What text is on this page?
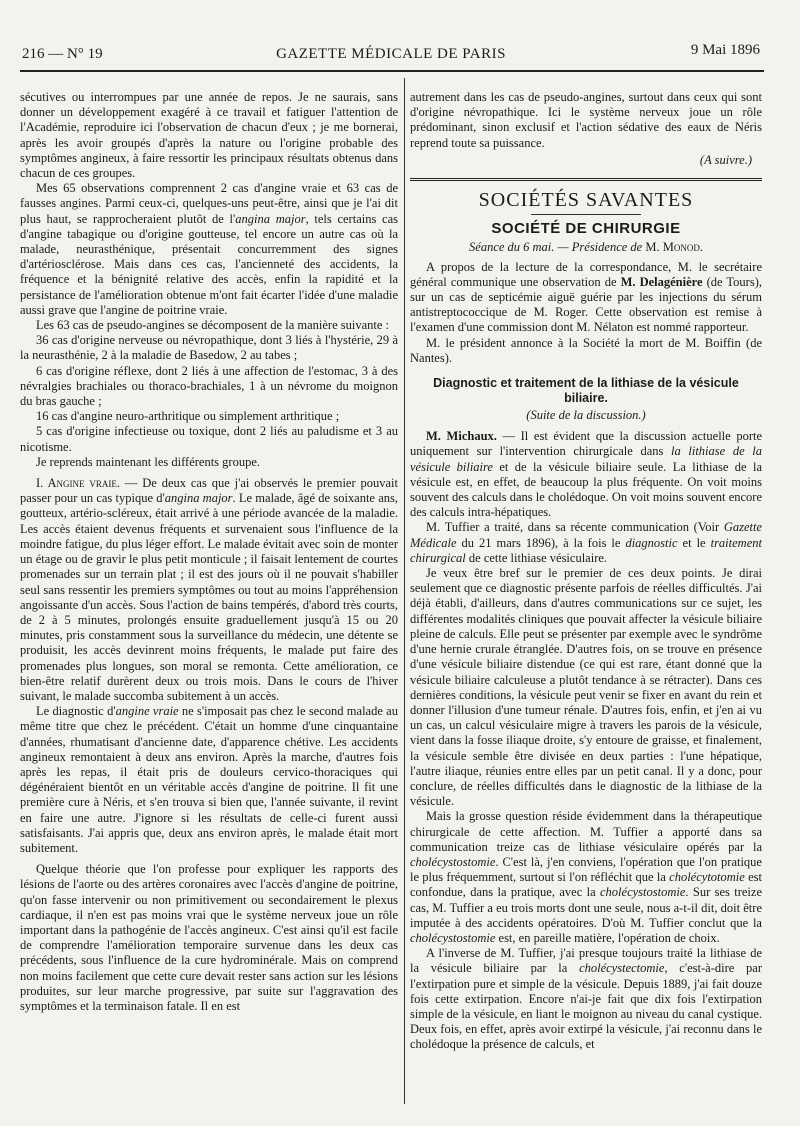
216 — N° 19	GAZETTE MÉDICALE DE PARIS	9 Mai 1896

sécutives ou interrompues par une année de repos. Je ne saurais, sans donner un développement exagéré à ce travail et fatiguer l'attention de l'Académie, reproduire ici l'observation de chacun d'eux ; je me bornerai, après les avoir groupés d'après la nature ou l'origine probable des symptômes angineux, à faire ressortir les principaux résultats obtenus dans chacun de ces groupes.

Mes 65 observations comprennent 2 cas d'angine vraie et 63 cas de fausses angines. Parmi ceux-ci, quelques-uns peut-être, ainsi que je l'ai dit plus haut, se rapprocheraient plutôt de l'angina major, tels certains cas d'angine tabagique ou d'origine goutteuse, tel encore un autre cas où la malade, neurasthénique, présentait concurremment des signes d'artériosclérose. Mais dans ces cas, l'ancienneté des accidents, la fréquence et la bénignité relative des accès, enfin la rapidité et la persistance de l'amélioration obtenue m'ont fait écarter l'idée d'une maladie aussi grave que l'angine de poitrine vraie.

Les 63 cas de pseudo-angines se décomposent de la manière suivante :

36 cas d'origine nerveuse ou névropathique, dont 3 liés à l'hystérie, 29 à la neurasthénie, 2 à la maladie de Basedow, 2 au tabes ;

6 cas d'origine réflexe, dont 2 liés à une affection de l'estomac, 3 à des névralgies brachiales ou thoraco-brachiales, 1 à un névrome du moignon du bras gauche ;

16 cas d'angine neuro-arthritique ou simplement arthritique ;

5 cas d'origine infectieuse ou toxique, dont 2 liés au paludisme et 3 au nicotisme.

Je reprends maintenant les différents groupe.

I. Angine vraie. — De deux cas que j'ai observés le premier pouvait passer pour un cas typique d'angina major. Le malade, âgé de soixante ans, goutteux, artério-scléreux, était arrivé à une période avancée de la maladie. Les accès étaient devenus fréquents et survenaient sous l'influence de la moindre fatigue, du plus léger effort. Le malade évitait avec soin de monter un étage ou de gravir le plus petit monticule ; il faisait lentement de courtes promenades sur un terrain plat ; il est des jours où il ne pouvait s'habiller seul sans ressentir les premiers symptômes ou tout au moins l'appréhension angoissante d'un accès. Sous l'action de bains tempérés, d'abord très courts, de 2 à 5 minutes, prolongés ensuite graduellement jusqu'à 15 ou 20 minutes, pris constamment sous la surveillance du médecin, une détente se produisit, les accès devinrent moins fréquents, le malade put faire des promenades plus longues, son moral se remonta. Cette amélioration, ce bien-être relatif durèrent deux ou trois mois. Dans le cours de l'hiver suivant, le malade succomba subitement à un accès.

Le diagnostic d'angine vraie ne s'imposait pas chez le second malade au même titre que chez le précédent. C'était un homme d'une cinquantaine d'années, rhumatisant d'ancienne date, d'apparence chétive. Les accidents angineux remontaient à deux ans environ. Après la marche, d'autres fois après les repas, il était pris de douleurs cervico-thoraciques qui dégénéraient bientôt en un véritable accès d'angine de poitrine. Il fit une première cure à Néris, et s'en trouva si bien que, l'année suivante, il revint en faire une autre. J'ignore si les résultats de celle-ci furent aussi satisfaisants. J'ai appris que, deux ans environ après, le malade était mort subitement.

Quelque théorie que l'on professe pour expliquer les rapports des lésions de l'aorte ou des artères coronaires avec l'accès d'angine de poitrine, qu'on fasse intervenir ou non primitivement ou secondairement le plexus cardiaque, il n'en est pas moins vrai que le système nerveux joue un rôle important dans la pathogénie de l'accès angineux. C'est ainsi qu'il est facile de comprendre l'amélioration temporaire survenue dans les deux cas précédents, sous l'influence de la cure hydrominérale. Mais on comprend non moins facilement que cette cure devait rester sans action sur les lésions produites, sur leur marche progressive, par suite sur l'aggravation des symptômes et la terminaison fatale. Il en est

autrement dans les cas de pseudo-angines, surtout dans ceux qui sont d'origine névropathique. Ici le système nerveux joue un rôle prédominant, sinon exclusif et l'action sédative des eaux de Néris reprend toute sa puissance.

(A suivre.)

SOCIÉTÉS SAVANTES

SOCIÉTÉ DE CHIRURGIE

Séance du 6 mai. — Présidence de M. Monod.

A propos de la lecture de la correspondance, M. le secrétaire général communique une observation de M. Delagénière (de Tours), sur un cas de septicémie aiguë guérie par les injections du sérum antistreptococcique de M. Roger. Cette observation est remise à l'examen d'une commission dont M. Nélaton est nommé rapporteur.

M. le président annonce à la Société la mort de M. Boiffin (de Nantes).

Diagnostic et traitement de la lithiase de la vésicule biliaire.

(Suite de la discussion.)

M. Michaux. — Il est évident que la discussion actuelle porte uniquement sur l'intervention chirurgicale dans la lithiase de la vésicule biliaire et de la vésicule biliaire seule. La lithiase de la vésicule est, en effet, de beaucoup la plus fréquente. On voit moins souvent des calculs dans le cholédoque. On voit moins souvent encore des calculs intra-hépatiques.

M. Tuffier a traité, dans sa récente communication (Voir Gazette Médicale du 21 mars 1896), à la fois le diagnostic et le traitement chirurgical de cette lithiase vésiculaire.

Je veux être bref sur le premier de ces deux points. Je dirai seulement que ce diagnostic présente parfois de réelles difficultés. J'ai déjà établi, d'ailleurs, dans d'autres communications sur ce sujet, les différentes modalités cliniques que pouvait affecter la vésicule biliaire pleine de calculs. Elle peut se présenter par exemple avec le syndrôme d'une hernie crurale étranglée. D'autres fois, on se trouve en présence d'une vésicule biliaire distendue (ce qui est rare, étant donné que la vésicule biliaire calculeuse a plutôt tendance à se rétracter). Dans ces dernières conditions, la vésicule peut venir se fixer en avant du rein et donner l'illusion d'une tumeur rénale. D'autres fois, enfin, et j'en ai vu un cas, un calcul vésiculaire migre à travers les parois de la vésicule, vient dans la fosse iliaque droite, s'y entoure de graisse, et finalement, la vésicule semble être divisée en deux parties : l'une hépatique, l'autre iliaque, réunies entre elles par un petit canal. Il y a donc, pour conclure, de réelles difficultés dans le diagnostic de la lithiase de la vésicule.

Mais la grosse question réside évidemment dans la thérapeutique chirurgicale de cette affection. M. Tuffier a apporté dans sa communication treize cas de lithiase vésiculaire opérés par la cholécystostomie. C'est là, j'en conviens, l'opération que l'on pratique le plus fréquemment, surtout si l'on réfléchit que la cholécytotomie est confondue, dans la pratique, avec la cholécystostomie. Sur ses treize cas, M. Tuffier a eu trois morts dont une seule, nous a-t-il dit, doit être imputée à des accidents opératoires. D'où M. Tuffier conclut que la cholécystostomie est, en pareille matière, l'opération de choix.

A l'inverse de M. Tuffier, j'ai presque toujours traité la lithiase de la vésicule biliaire par la cholécystectomie, c'est-à-dire par l'extirpation pure et simple de la vésicule. Depuis 1889, j'ai fait douze fois cette extirpation. Encore n'ai-je fait que dix fois l'extirpation simple de la vésicule, en liant le moignon au niveau du canal cystique. Deux fois, en effet, après avoir extirpé la vésicule, j'ai reconnu dans le cholédoque la présence de calculs, et
